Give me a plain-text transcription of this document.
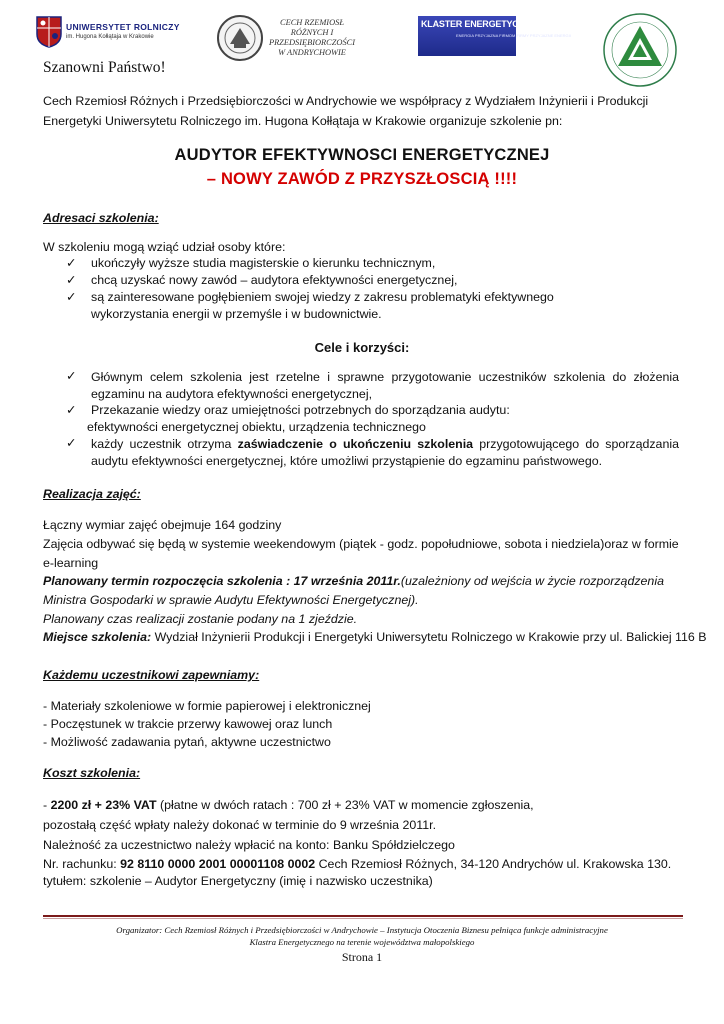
UNIWERSYTET ROLNICZY
im. Hugona Kołłątaja w Krakowie
CECH RZEMIOSŁ RÓŻNYCH I PRZEDSIĘBIORCZOŚCI W ANDRYCHOWIE
KLASTER ENERGETYCZNY
ENERGIA PRZYJAZNA FIRMOM FIRMY PRZYJAZNE ENERGII
Szanowni Państwo!
Cech Rzemiosł Różnych i Przedsiębiorczości w Andrychowie we współpracy z Wydziałem Inżynierii i Produkcji
Energetyki Uniwersytetu Rolniczego im. Hugona Kołłątaja w Krakowie organizuje szkolenie pn:
AUDYTOR EFEKTYWNOSCI ENERGETYCZNEJ
– NOWY ZAWÓD Z PRZYSZŁOSCIĄ !!!!
Adresaci szkolenia:
W szkoleniu mogą wziąć udział osoby które:
✓ ukończyły wyższe studia magisterskie o kierunku technicznym,
✓ chcą uzyskać nowy zawód – audytora efektywności energetycznej,
✓ są zainteresowane pogłębieniem swojej wiedzy z zakresu problematyki efektywnego
wykorzystania energii w przemyśle i w budownictwie.
Cele i korzyści:
✓ Głównym celem szkolenia jest rzetelne i sprawne przygotowanie uczestników szkolenia do złożenia egzaminu na audytora efektywności energetycznej,
✓ Przekazanie wiedzy oraz umiejętności potrzebnych do sporządzania audytu:
efektywności energetycznej obiektu, urządzenia technicznego
✓ każdy uczestnik otrzyma zaświadczenie o ukończeniu szkolenia przygotowującego do sporządzania audytu efektywności energetycznej, które umożliwi przystąpienie do egzaminu państwowego.
Realizacja zajęć:
Łączny wymiar zajęć obejmuje 164 godziny
Zajęcia odbywać się będą w systemie weekendowym (piątek - godz. popołudniowe, sobota i niedziela)oraz w formie
e-learning
Planowany termin rozpoczęcia szkolenia : 17 września 2011r.(uzależniony od wejścia w życie rozporządzenia
Ministra Gospodarki w sprawie Audytu Efektywności Energetycznej).
Planowany czas realizacji zostanie podany na 1 zjeździe.
Miejsce szkolenia: Wydział Inżynierii Produkcji i Energetyki Uniwersytetu Rolniczego w Krakowie przy ul. Balickiej 116 B
Każdemu uczestnikowi zapewniamy:
- Materiały szkoleniowe w formie papierowej i elektronicznej
- Poczęstunek w trakcie przerwy kawowej oraz lunch
- Możliwość zadawania pytań, aktywne uczestnictwo
Koszt szkolenia:
- 2200 zł + 23% VAT (płatne w dwóch ratach : 700 zł + 23% VAT w momencie zgłoszenia,
pozostałą część wpłaty należy dokonać w terminie do 9 września 2011r.
Należność za uczestnictwo należy wpłacić na konto: Banku Spółdzielczego
Nr. rachunku: 92 8110 0000 2001 00001108 0002 Cech Rzemiosł Różnych, 34-120 Andrychów ul. Krakowska 130.
tytułem: szkolenie – Audytor Energetyczny (imię i nazwisko uczestnika)
Organizator: Cech Rzemiosł Różnych i Przedsiębiorczości w Andrychowie – Instytucja Otoczenia Biznesu pełniąca funkcje administracyjne
Klastra Energetycznego na terenie województwa małopolskiego
Strona 1
